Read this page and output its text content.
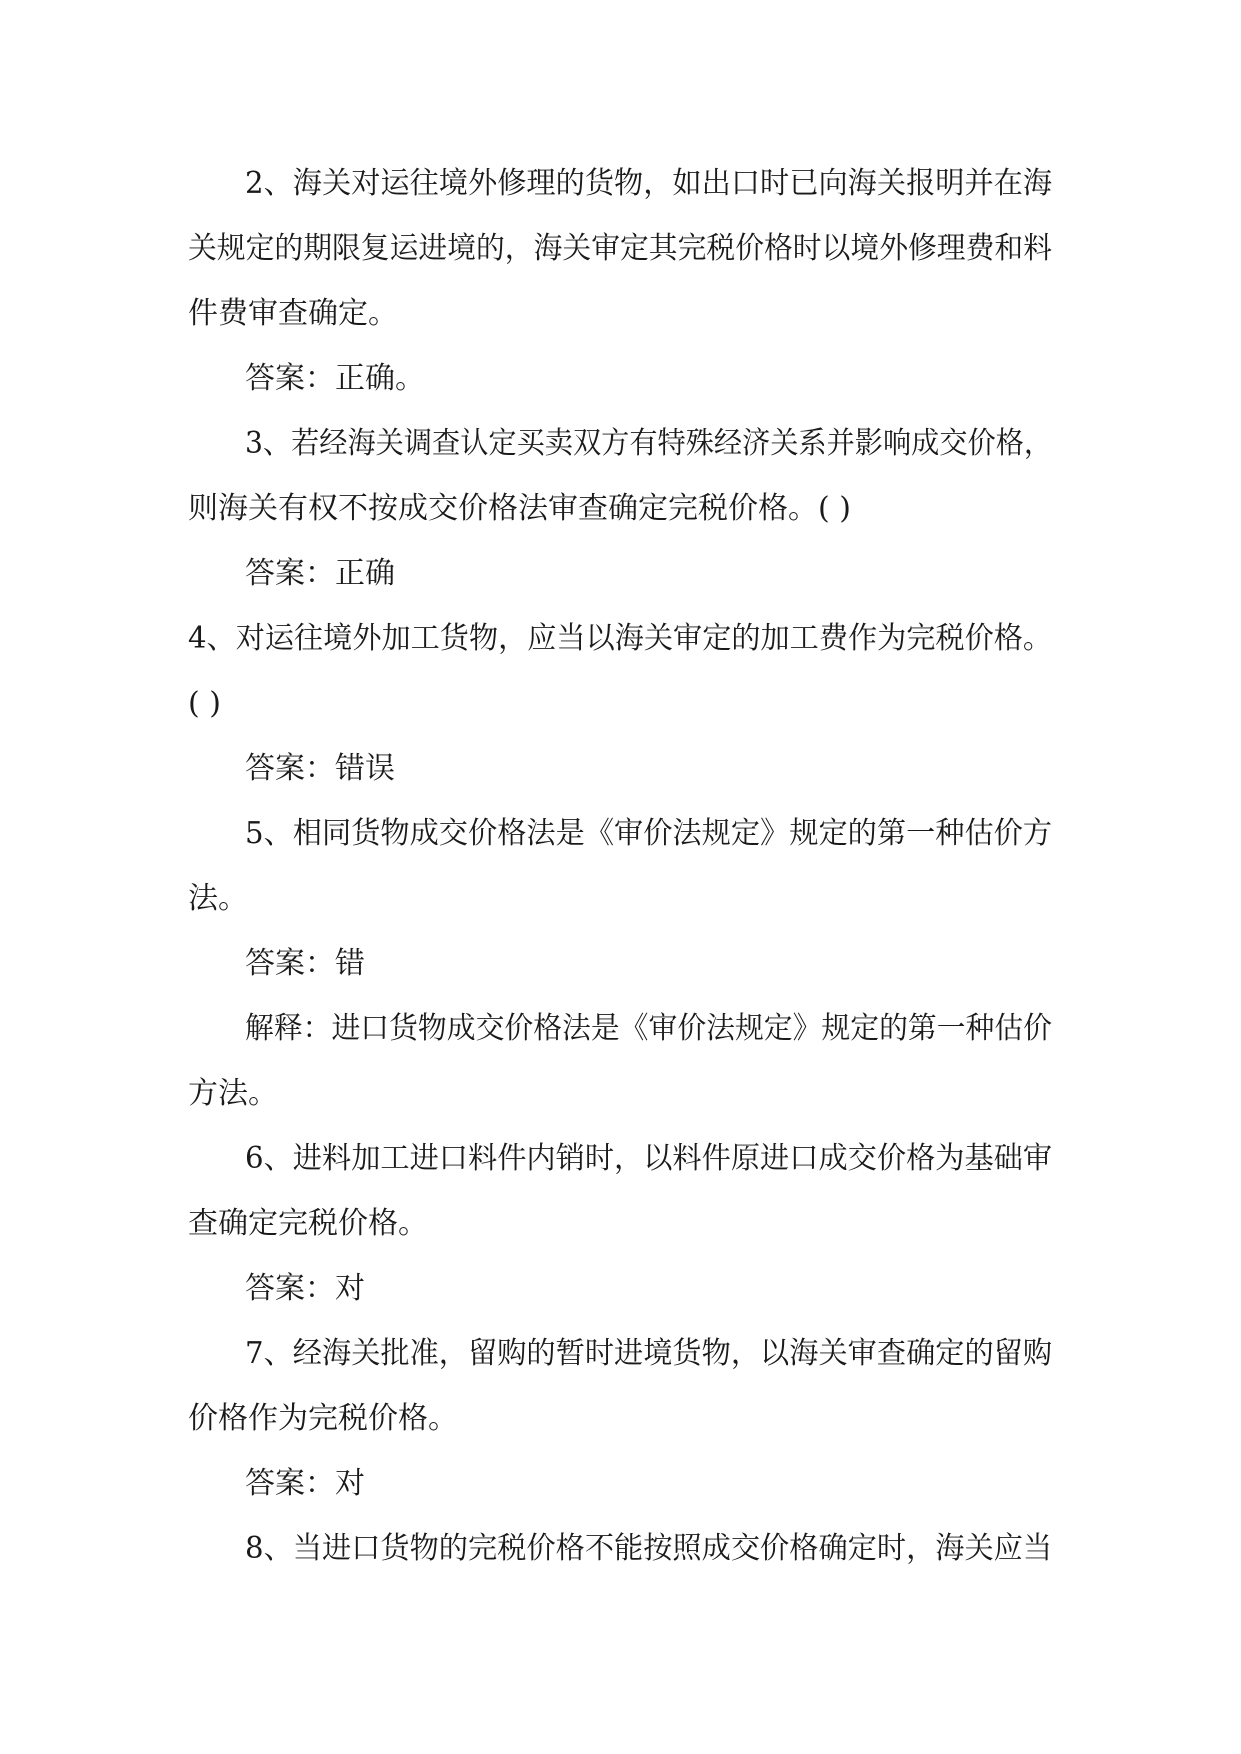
2、海关对运往境外修理的货物，如出口时已向海关报明并在海
关规定的期限复运进境的，海关审定其完税价格时以境外修理费和料
件费审查确定。
答案：正确。
3、若经海关调查认定买卖双方有特殊经济关系并影响成交价格，
则海关有权不按成交价格法审查确定完税价格。( )
答案：正确
4、对运往境外加工货物，应当以海关审定的加工费作为完税价格。
( )
答案：错误
5、相同货物成交价格法是《审价法规定》规定的第一种估价方
法。
答案：错
解释：进口货物成交价格法是《审价法规定》规定的第一种估价
方法。
6、进料加工进口料件内销时，以料件原进口成交价格为基础审
查确定完税价格。
答案：对
7、经海关批准，留购的暂时进境货物，以海关审查确定的留购
价格作为完税价格。
答案：对
8、当进口货物的完税价格不能按照成交价格确定时，海关应当
